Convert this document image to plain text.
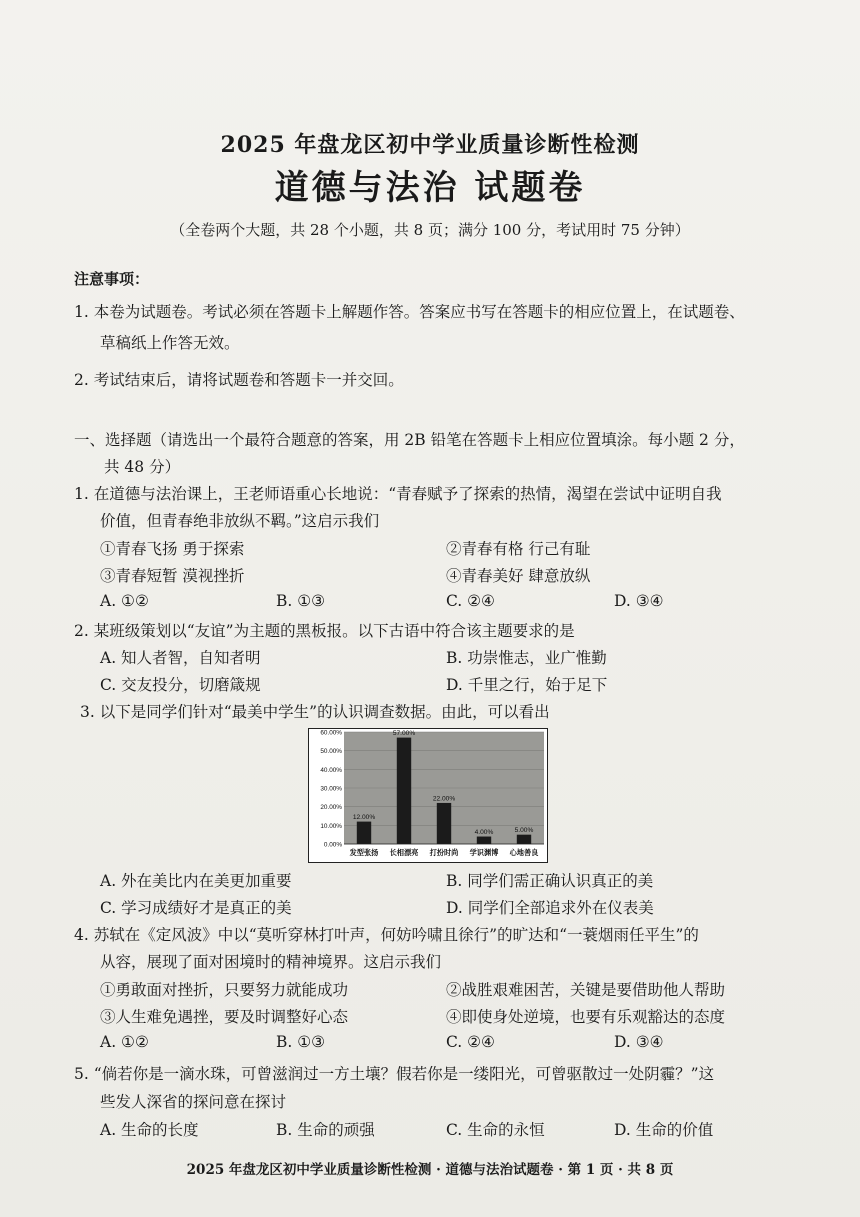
2025 年盘龙区初中学业质量诊断性检测
道德与法治 试题卷
（全卷两个大题，共 28 个小题，共 8 页；满分 100 分，考试用时 75 分钟）
注意事项：
1. 本卷为试题卷。考试必须在答题卡上解题作答。答案应书写在答题卡的相应位置上，在试题卷、
草稿纸上作答无效。
2. 考试结束后，请将试题卷和答题卡一并交回。
一、选择题（请选出一个最符合题意的答案，用 2B 铅笔在答题卡上相应位置填涂。每小题 2 分，
共 48 分）
1. 在道德与法治课上，王老师语重心长地说：“青春赋予了探索的热情，渴望在尝试中证明自我
价值，但青春绝非放纵不羁。”这启示我们
①青春飞扬 勇于探索	②青春有格 行己有耻
③青春短暂 漠视挫折	④青春美好 肆意放纵
A. ①②	B. ①③	C. ②④	D. ③④
2. 某班级策划以“友谊”为主题的黑板报。以下古语中符合该主题要求的是
A. 知人者智，自知者明	B. 功崇惟志，业广惟勤
C. 交友投分，切磨箴规	D. 千里之行，始于足下
3. 以下是同学们针对“最美中学生”的认识调查数据。由此，可以看出
0.00%
10.00%
20.00%
30.00%
40.00%
50.00%
60.00%
12.00%
发型张扬
57.00%
长相漂亮
22.00%
打扮时尚
4.00%
学识渊博
5.00%
心地善良
A. 外在美比内在美更加重要	B. 同学们需正确认识真正的美
C. 学习成绩好才是真正的美	D. 同学们全部追求外在仪表美
4. 苏轼在《定风波》中以“莫听穿林打叶声，何妨吟啸且徐行”的旷达和“一蓑烟雨任平生”的
从容，展现了面对困境时的精神境界。这启示我们
①勇敢面对挫折，只要努力就能成功	②战胜艰难困苦，关键是要借助他人帮助
③人生难免遇挫，要及时调整好心态	④即使身处逆境，也要有乐观豁达的态度
A. ①②	B. ①③	C. ②④	D. ③④
5. “倘若你是一滴水珠，可曾滋润过一方土壤？假若你是一缕阳光，可曾驱散过一处阴霾？”这
些发人深省的探问意在探讨
A. 生命的长度	B. 生命的顽强	C. 生命的永恒	D. 生命的价值
2025 年盘龙区初中学业质量诊断性检测 · 道德与法治试题卷 · 第 1 页 · 共 8 页
